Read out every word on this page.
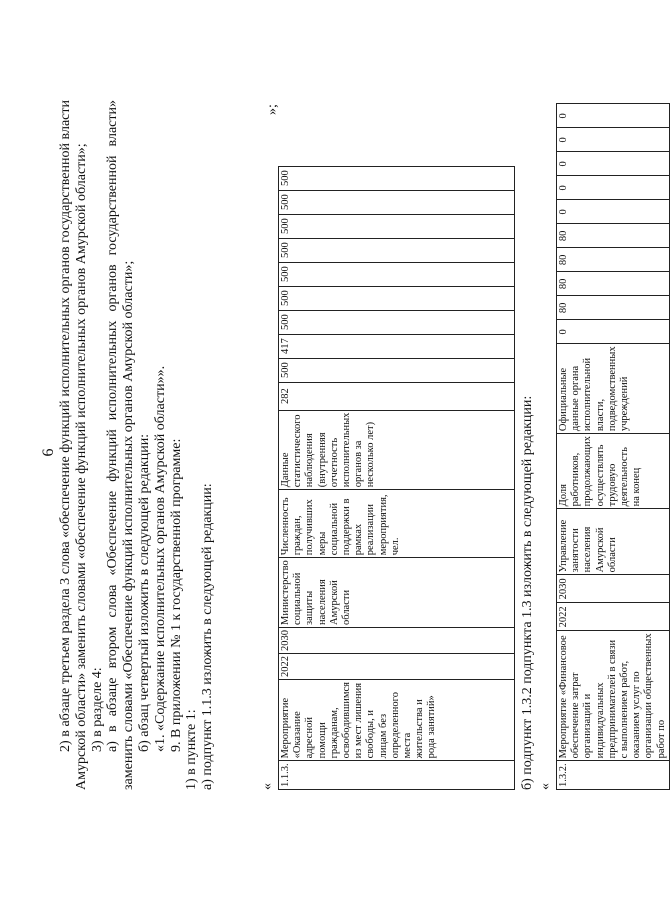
6 2) в абзаце третьем раздела 3 слова «обеспечение функций исполнительных органов государственной власти Амурской области» заменить словами «обеспечение функций исполнительных органов Амурской области»; 3) в разделе 4: а) в абзаце втором слова «Обеспечение функций исполнительных органов государственной власти» заменить словами «Обеспечение функций исполнительных органов Амурской области»; б) абзац четвертый изложить в следующей редакции: «1. «Содержание исполнительных органов Амурской области»». 9. В приложении № 1 к государственной программе: 1) в пункте 1: а) подпункт 1.1.3 изложить в следующей редакции:	« 1.1.3.	Мероприятие «Оказание адресной помощи гражданам, освободившимся из мест лишения свободы, и лицам без определенного места жительства и рода занятий»	2022	2030	Министерство социальной защиты населения Амурской области	Численность граждан, получивших меры социальной поддержки в рамках реализации мероприятия, чел.	Данные статистического наблюдения (внутренняя отчетность исполнительных органов за несколько лет)	282	500	417	500	500	500	500	500	500	500
»;
б) подпункт 1.3.2 подпункта 1.3 изложить в следующей редакции: « 1.3.2.	Мероприятие «Финансовое обеспечение затрат организаций и индивидуальных предпринимателей в связи с выполнением работ, оказанием услуг по организации общественных работ по	2022	2030	Управление занятости населения Амурской области	Доля работников, продолжающих осуществлять трудовую деятельность на конец	Официальные данные органа исполнительной власти, подведомственных учреждений	0	80	80	80	80	0	0	0	0	0
